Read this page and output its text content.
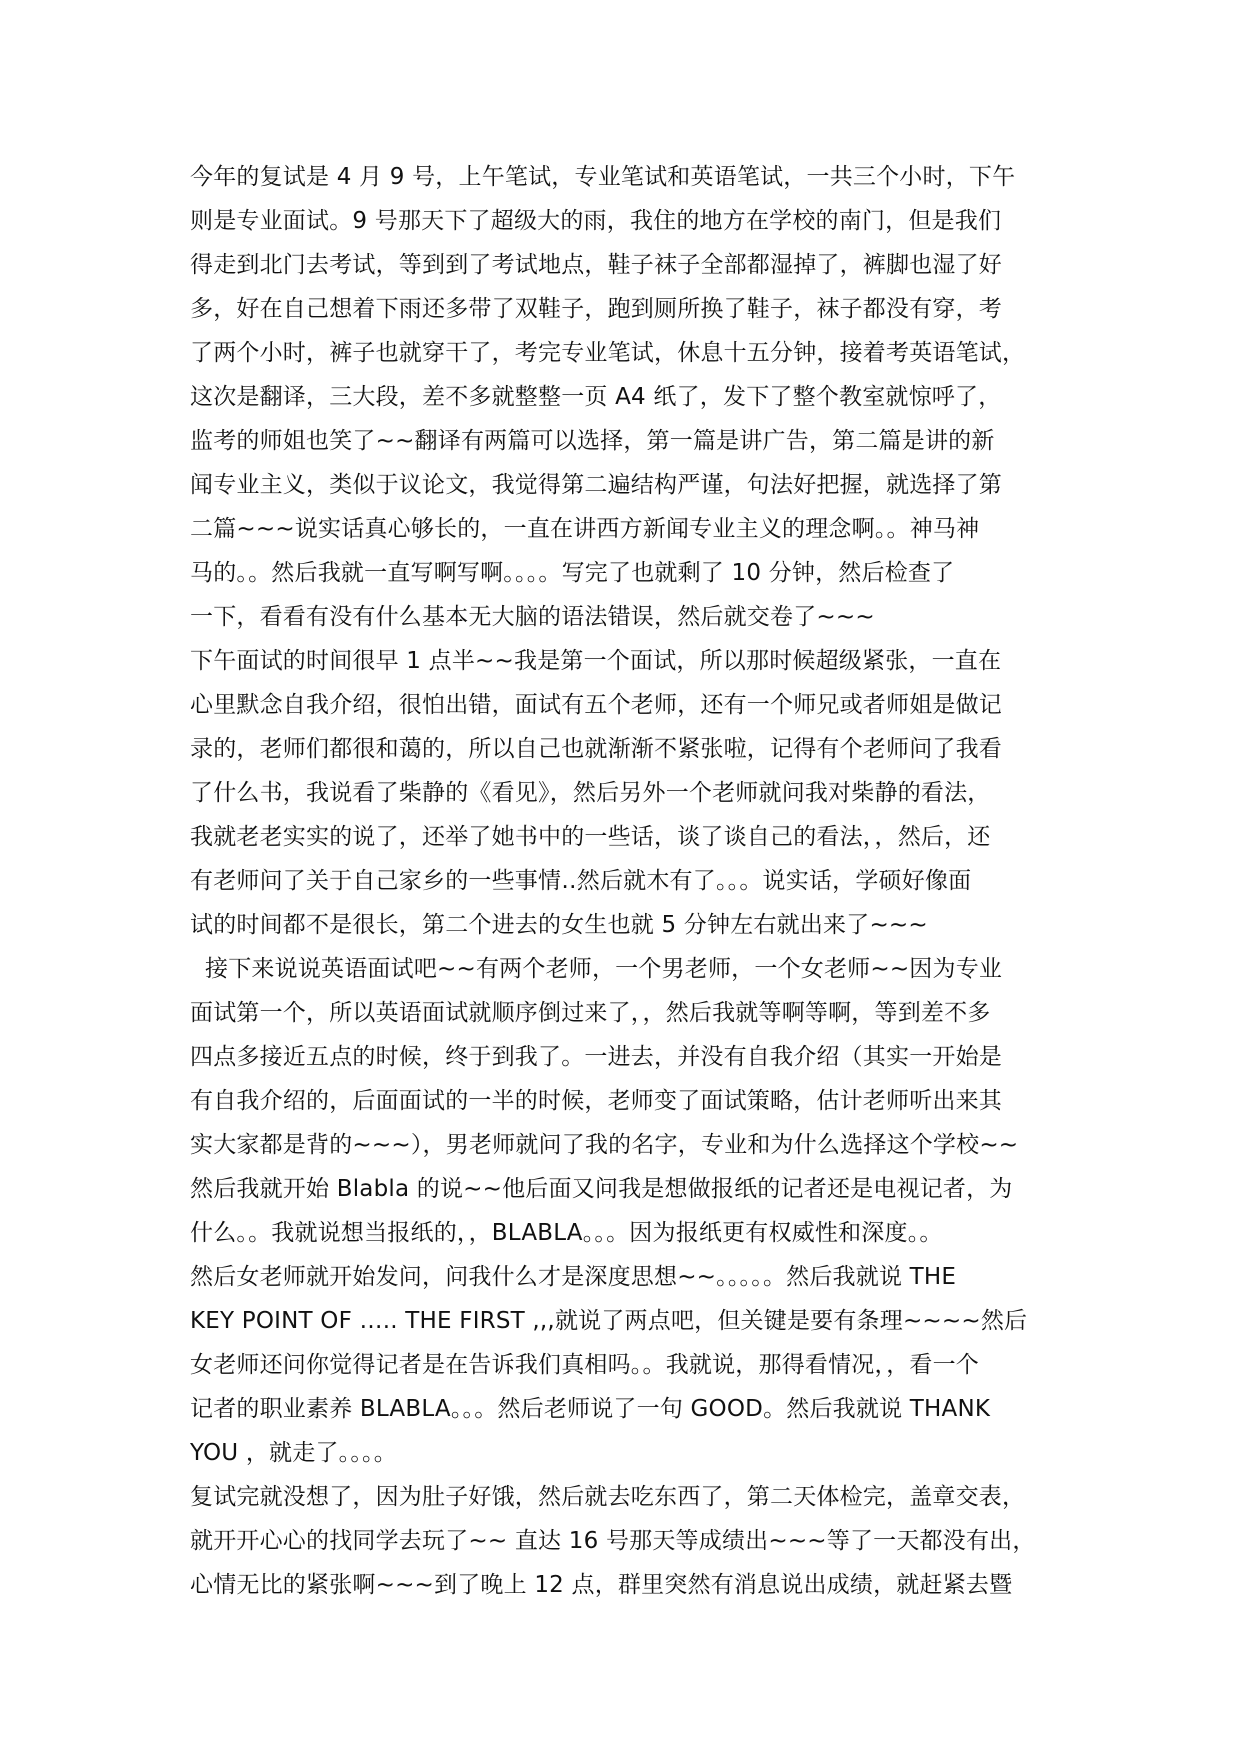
今年的复试是 4 月 9 号，上午笔试，专业笔试和英语笔试，一共三个小时，下午
则是专业面试。9 号那天下了超级大的雨，我住的地方在学校的南门，但是我们
得走到北门去考试，等到到了考试地点，鞋子袜子全部都湿掉了，裤脚也湿了好
多，好在自己想着下雨还多带了双鞋子，跑到厕所换了鞋子，袜子都没有穿，考
了两个小时，裤子也就穿干了，考完专业笔试，休息十五分钟，接着考英语笔试，
这次是翻译，三大段，差不多就整整一页 A4 纸了，发下了整个教室就惊呼了，
监考的师姐也笑了~~翻译有两篇可以选择，第一篇是讲广告，第二篇是讲的新
闻专业主义，类似于议论文，我觉得第二遍结构严谨，句法好把握，就选择了第
二篇~~~说实话真心够长的，一直在讲西方新闻专业主义的理念啊。。神马神
马的。。然后我就一直写啊写啊。。。。写完了也就剩了 10 分钟，然后检查了
一下，看看有没有什么基本无大脑的语法错误，然后就交卷了~~~
下午面试的时间很早 1 点半~~我是第一个面试，所以那时候超级紧张，一直在
心里默念自我介绍，很怕出错，面试有五个老师，还有一个师兄或者师姐是做记
录的，老师们都很和蔼的，所以自己也就渐渐不紧张啦，记得有个老师问了我看
了什么书，我说看了柴静的《看见》，然后另外一个老师就问我对柴静的看法，
我就老老实实的说了，还举了她书中的一些话，谈了谈自己的看法，，然后，还
有老师问了关于自己家乡的一些事情‥然后就木有了。。。说实话，学硕好像面
试的时间都不是很长，第二个进去的女生也就 5 分钟左右就出来了~~~
接下来说说英语面试吧~~有两个老师，一个男老师，一个女老师~~因为专业
面试第一个，所以英语面试就顺序倒过来了，，然后我就等啊等啊，等到差不多
四点多接近五点的时候，终于到我了。一进去，并没有自我介绍（其实一开始是
有自我介绍的，后面面试的一半的时候，老师变了面试策略，估计老师听出来其
实大家都是背的~~~），男老师就问了我的名字，专业和为什么选择这个学校~~
然后我就开始 Blabla 的说~~他后面又问我是想做报纸的记者还是电视记者，为
什么。。我就说想当报纸的，，BLABLA。。。因为报纸更有权威性和深度。。
然后女老师就开始发问，问我什么才是深度思想~~。。。。。然后我就说 THE
KEY POINT OF ….. THE FIRST ,,,就说了两点吧，但关键是要有条理~~~~然后
女老师还问你觉得记者是在告诉我们真相吗。。我就说，那得看情况，，看一个
记者的职业素养 BLABLA。。。然后老师说了一句 GOOD。然后我就说 THANK
YOU ，就走了。。。。
复试完就没想了，因为肚子好饿，然后就去吃东西了，第二天体检完，盖章交表，
就开开心心的找同学去玩了~~ 直达 16 号那天等成绩出~~~等了一天都没有出，
心情无比的紧张啊~~~到了晚上 12 点，群里突然有消息说出成绩，就赶紧去暨
